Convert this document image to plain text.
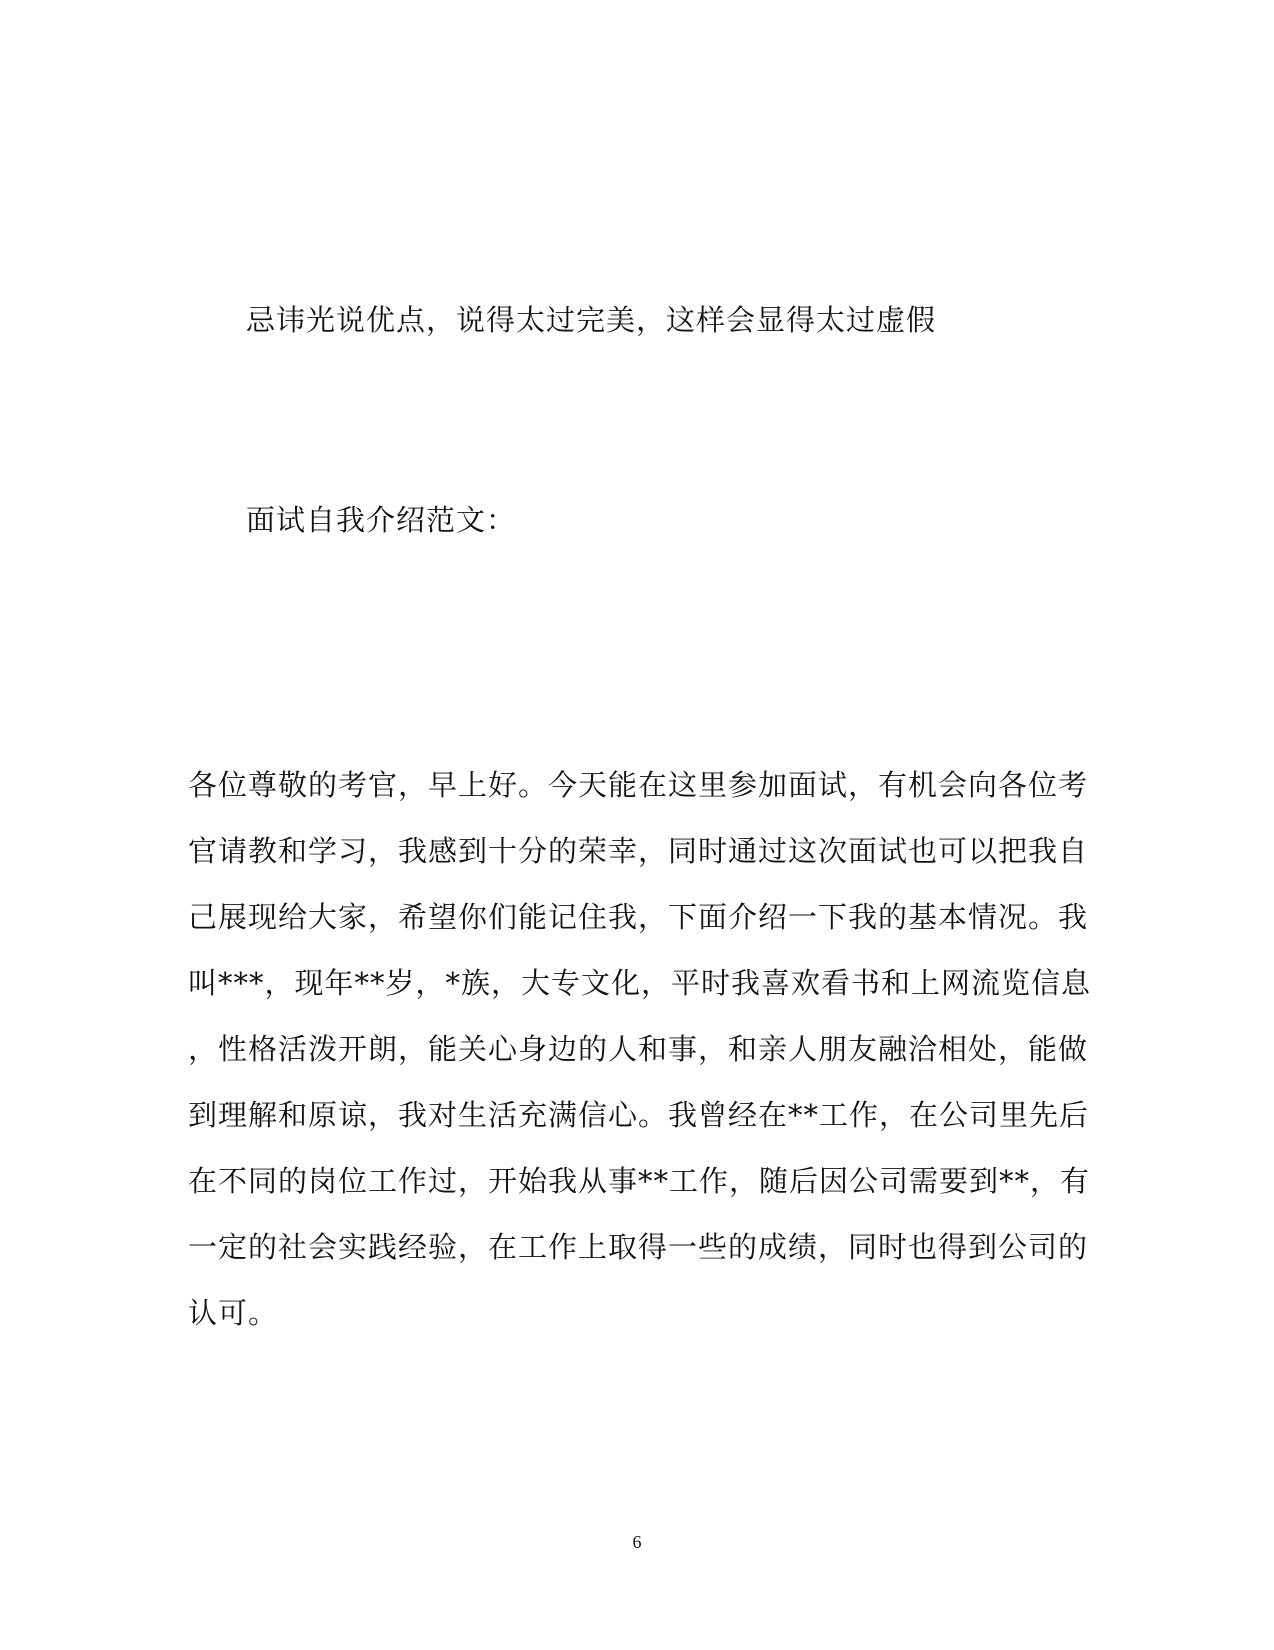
忌讳光说优点，说得太过完美，这样会显得太过虚假
面试自我介绍范文：
各位尊敬的考官，早上好。今天能在这里参加面试，有机会向各位考
官请教和学习，我感到十分的荣幸，同时通过这次面试也可以把我自
己展现给大家，希望你们能记住我，下面介绍一下我的基本情况。我
叫***，现年**岁，*族，大专文化，平时我喜欢看书和上网流览信息
，性格活泼开朗，能关心身边的人和事，和亲人朋友融洽相处，能做
到理解和原谅，我对生活充满信心。我曾经在**工作，在公司里先后
在不同的岗位工作过，开始我从事**工作，随后因公司需要到**，有
一定的社会实践经验，在工作上取得一些的成绩，同时也得到公司的
认可。
6
